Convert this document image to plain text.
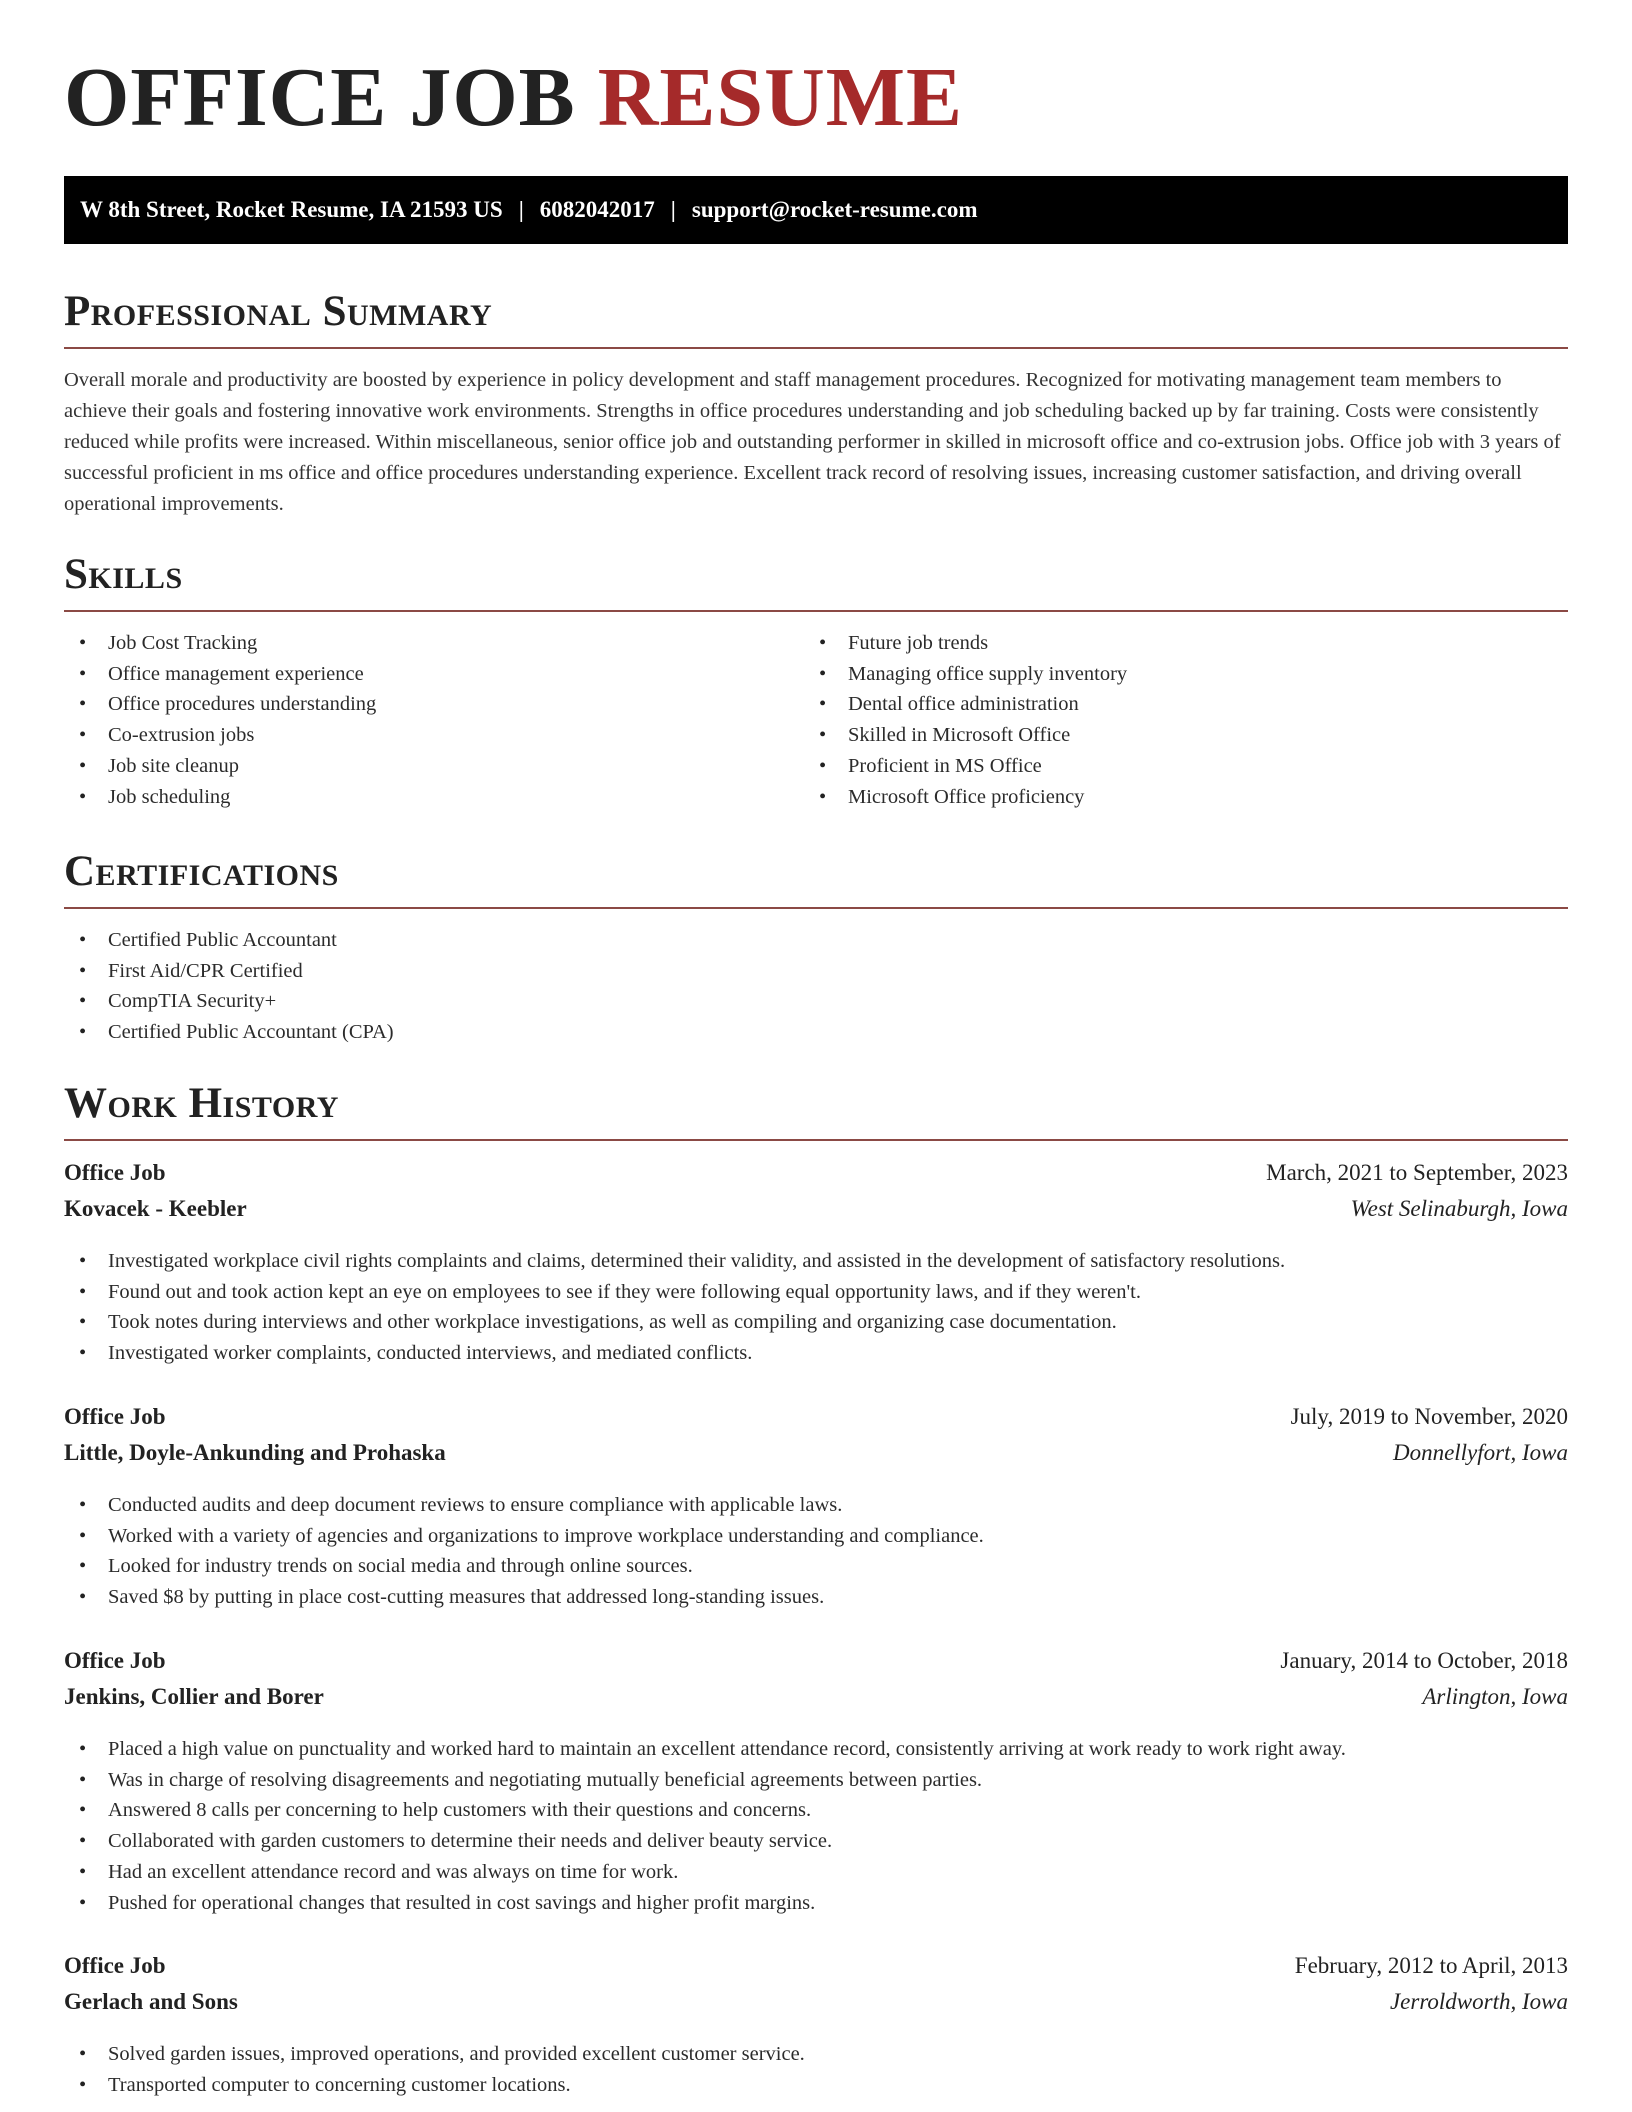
OFFICE JOB RESUME
W 8th Street, Rocket Resume, IA 21593 US | 6082042017 | support@rocket-resume.com
Professional Summary

Overall morale and productivity are boosted by experience in policy development and staff management procedures. Recognized for motivating management team members to achieve their goals and fostering innovative work environments. Strengths in office procedures understanding and job scheduling backed up by far training. Costs were consistently reduced while profits were increased. Within miscellaneous, senior office job and outstanding performer in skilled in microsoft office and co-extrusion jobs. Office job with 3 years of successful proficient in ms office and office procedures understanding experience. Excellent track record of resolving issues, increasing customer satisfaction, and driving overall operational improvements.

Skills
• Job Cost Tracking
• Office management experience
• Office procedures understanding
• Co-extrusion jobs
• Job site cleanup
• Job scheduling
• Future job trends
• Managing office supply inventory
• Dental office administration
• Skilled in Microsoft Office
• Proficient in MS Office
• Microsoft Office proficiency
Certifications
• Certified Public Accountant
• First Aid/CPR Certified
• CompTIA Security+
• Certified Public Accountant (CPA)
Work History
Office Job	March, 2021 to September, 2023
Kovacek - Keebler	West Selinaburgh, Iowa
• Investigated workplace civil rights complaints and claims, determined their validity, and assisted in the development of satisfactory resolutions.
• Found out and took action kept an eye on employees to see if they were following equal opportunity laws, and if they weren't.
• Took notes during interviews and other workplace investigations, as well as compiling and organizing case documentation.
• Investigated worker complaints, conducted interviews, and mediated conflicts.
Office Job	July, 2019 to November, 2020
Little, Doyle-Ankunding and Prohaska	Donnellyfort, Iowa
• Conducted audits and deep document reviews to ensure compliance with applicable laws.
• Worked with a variety of agencies and organizations to improve workplace understanding and compliance.
• Looked for industry trends on social media and through online sources.
• Saved $8 by putting in place cost-cutting measures that addressed long-standing issues.
Office Job	January, 2014 to October, 2018
Jenkins, Collier and Borer	Arlington, Iowa
• Placed a high value on punctuality and worked hard to maintain an excellent attendance record, consistently arriving at work ready to work right away.
• Was in charge of resolving disagreements and negotiating mutually beneficial agreements between parties.
• Answered 8 calls per concerning to help customers with their questions and concerns.
• Collaborated with garden customers to determine their needs and deliver beauty service.
• Had an excellent attendance record and was always on time for work.
• Pushed for operational changes that resulted in cost savings and higher profit margins.
Office Job	February, 2012 to April, 2013
Gerlach and Sons	Jerroldworth, Iowa
• Solved garden issues, improved operations, and provided excellent customer service.
• Transported computer to concerning customer locations.
